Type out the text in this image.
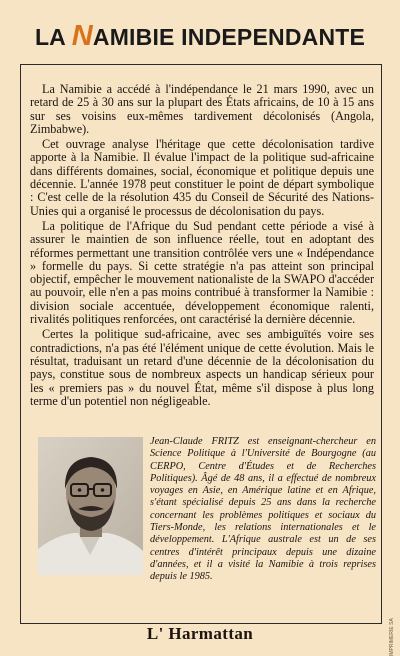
LA NAMIBIE INDEPENDANTE

La Namibie a accédé à l'indépendance le 21 mars 1990, avec un retard de 25 à 30 ans sur la plupart des États africains, de 10 à 15 ans sur ses voisins eux-mêmes tardivement décolonisés (Angola, Zimbabwe).

Cet ouvrage analyse l'héritage que cette décolonisation tardive apporte à la Namibie. Il évalue l'impact de la politique sud-africaine dans différents domaines, social, économique et politique depuis une décennie. L'année 1978 peut constituer le point de départ symbolique : C'est celle de la résolution 435 du Conseil de Sécurité des Nations-Unies qui a organisé le processus de décolonisation du pays.

La politique de l'Afrique du Sud pendant cette période a visé à assurer le maintien de son influence réelle, tout en adoptant des réformes permettant une transition contrôlée vers une « Indépendance » formelle du pays. Si cette stratégie n'a pas atteint son principal objectif, empêcher le mouvement nationaliste de la SWAPO d'accéder au pouvoir, elle n'en a pas moins contribué à transformer la Namibie : division sociale accentuée, développement économique ralenti, rivalités politiques renforcées, ont caractérisé la dernière décennie.

Certes la politique sud-africaine, avec ses ambiguïtés voire ses contradictions, n'a pas été l'élément unique de cette évolution. Mais le résultat, traduisant un retard d'une décennie de la décolonisation du pays, constitue sous de nombreux aspects un handicap sérieux pour les « premiers pas » du nouvel État, même s'il dispose à plus long terme d'un potentiel non négligeable.

Jean-Claude FRITZ est enseignant-chercheur en Science Politique à l'Université de Bourgogne (au CERPO, Centre d'Études et de Recherches Politiques). Âgé de 48 ans, il a effectué de nombreux voyages en Asie, en Amérique latine et en Afrique, s'étant spécialisé depuis 25 ans dans la recherche concernant les problèmes politiques et sociaux du Tiers-Monde, les relations internationales et le développement. L'Afrique australe est un de ses centres d'intérêt principaux depuis une dizaine d'années, et il a visité la Namibie à trois reprises depuis le 1985.
L' Harmattan	IMPRIMERIE SA
